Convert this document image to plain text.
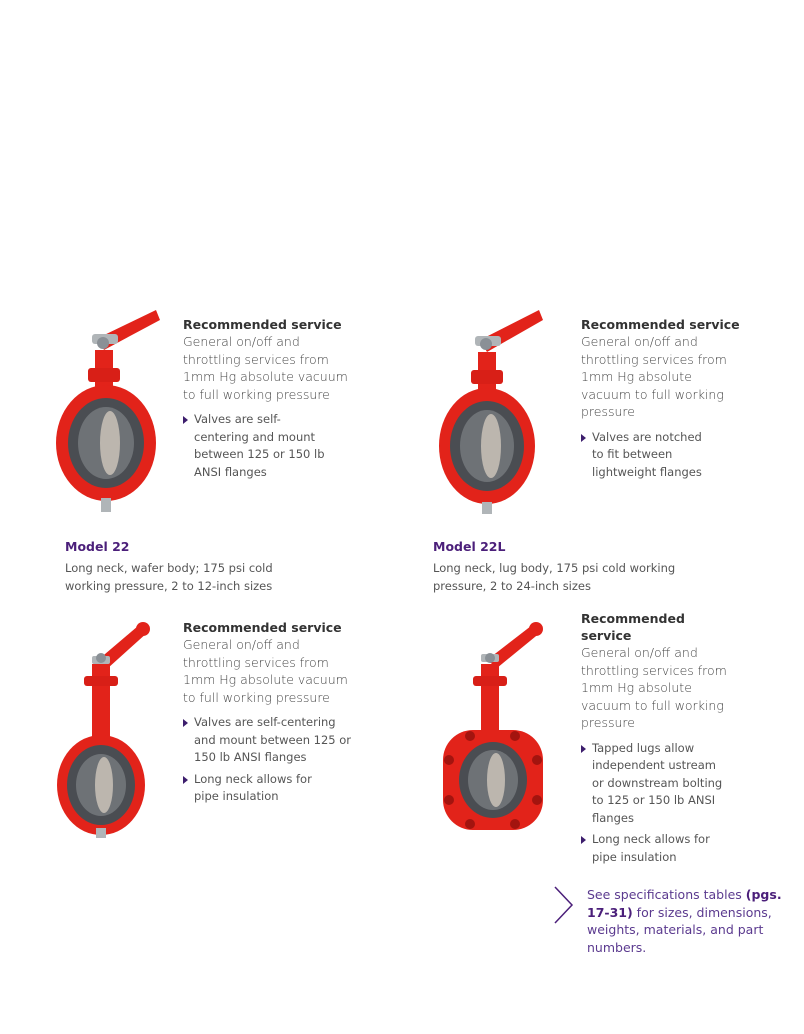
Recommended service
General on/off and throttling services from 1mm Hg absolute vacuum to full working pressure
Valves are self-centering and mount between 125 or 150 lb ANSI flanges
Recommended service
General on/off and throttling services from 1mm Hg absolute vacuum to full working pressure
Valves are notched to fit between lightweight flanges
Model 22
Long neck, wafer body; 175 psi cold working pressure, 2 to 12-inch sizes
Model 22L
Long neck, lug body, 175 psi cold working pressure, 2 to 24-inch sizes
Recommended service
General on/off and throttling services from 1mm Hg absolute vacuum to full working pressure
Valves are self-centering and mount between 125 or 150 lb ANSI flanges
Long neck allows for pipe insulation
Recommended service
General on/off and throttling services from 1mm Hg absolute vacuum to full working pressure
Tapped lugs allow independent ustream or downstream bolting to 125 or 150 lb ANSI flanges
Long neck allows for pipe insulation
See specifications tables (pgs. 17-31) for sizes, dimensions, weights, materials, and part numbers.
